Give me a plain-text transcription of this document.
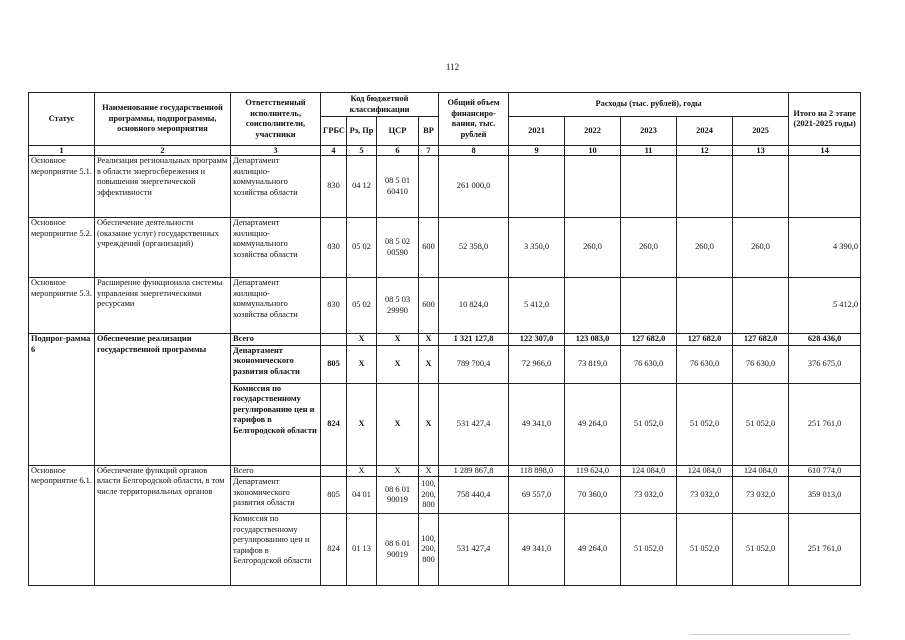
112
Статус	Наименование государственной программы, подпрограммы, основного мероприятия	Ответственный исполнитель, соисполнители, участники	Код бюджетной классификации				Общий объем финансиро-вания, тыс. рублей	Расходы (тыс. рублей), годы					Итого на 2 этапе (2021-2025 годы)
			ГРБС	Рз, Пр	ЦСР	ВР		2021	2022	2023	2024	2025	
1	2	3	4	5	6	7	8	9	10	11	12	13	14
Основное мероприятие 5.1.	Реализация региональных программ в области энергосбережения и повышения энергетической эффективности	Департамент жилищно-коммунального хозяйства области	830	04 12	08 5 01 60410		261 000,0						
Основное мероприятие 5.2.	Обеспечение деятельности (оказание услуг) государственных учреждений (организаций)	Департамент жилищно-коммунального хозяйства области	830	05 02	08 5 02 00590	600	52 358,0	3 350,0	260,0	260,0	260,0	260,0	4 390,0
Основное мероприятие 5.3.	Расширение функционала системы управления энергетическими ресурсами	Департамент жилищно-коммунального хозяйства области	830	05 02	08 5 03 29990	600	10 824,0	5 412,0					5 412,0
Подпрог-рамма 6	Обеспечение реализации государственной программы	Всего		Х	Х	Х	1 321 127,8	122 307,0	123 083,0	127 682,0	127 682,0	127 682,0	628 436,0
		Департамент экономического развития области	805	Х	Х	Х	789 700,4	72 966,0	73 819,0	76 630,0	76 630,0	76 630,0	376 675,0
		Комиссия по государственному регулированию цен и тарифов в Белгородской области	824	Х	Х	Х	531 427,4	49 341,0	49 264,0	51 052,0	51 052,0	51 052,0	251 761,0
Основное мероприятие 6.1.	Обеспечение функций органов власти Белгородской области, в том числе территориальных органов	Всего		Х	Х	Х	1 289 867,8	118 898,0	119 624,0	124 084,0	124 084,0	124 084,0	610 774,0
		Департамент экономического развития области	805	04 01	08 6 01 90019	100, 200, 800	758 440,4	69 557,0	70 360,0	73 032,0	73 032,0	73 032,0	359 013,0
		Комиссия по государственному регулированию цен и тарифов в Белгородской области	824	01 13	08 6 01 90019	100, 200, 800	531 427,4	49 341,0	49 264,0	51 052,0	51 052,0	51 052,0	251 761,0
